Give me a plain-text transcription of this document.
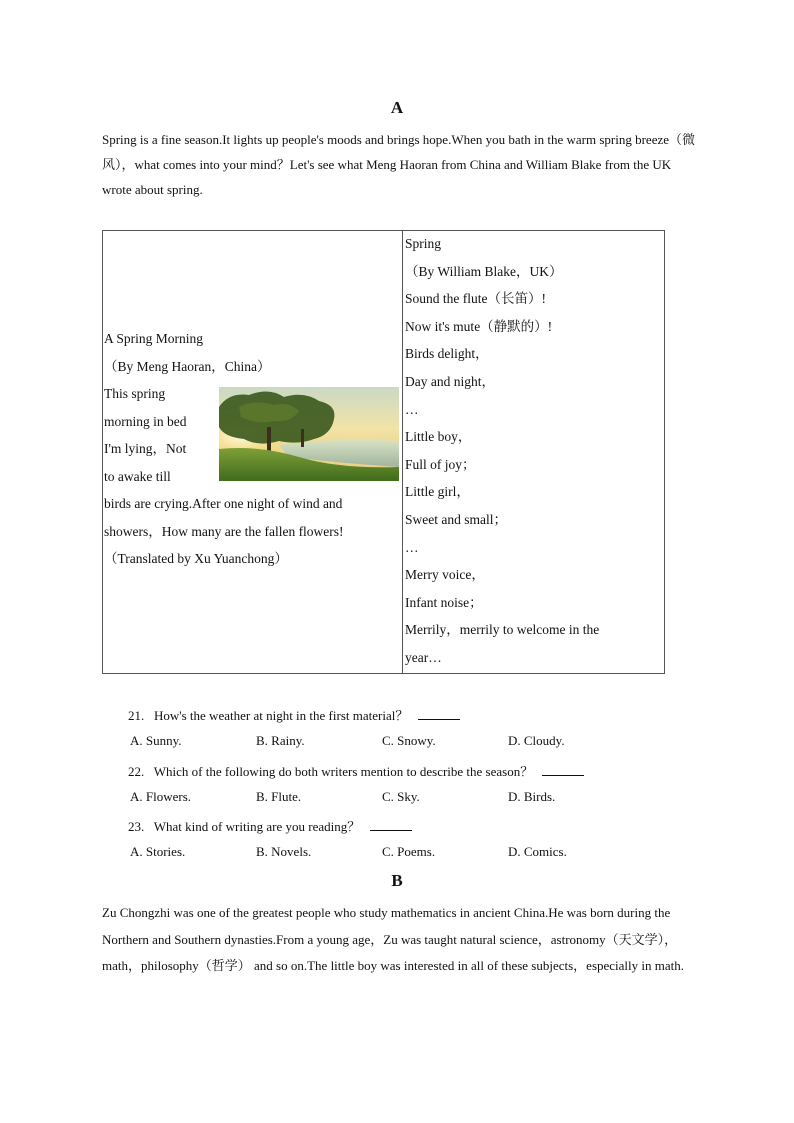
A
Spring is a fine season.It lights up people's moods and brings hope.When you bath in the warm spring breeze（微风），what comes into your mind？Let's see what Meng Haoran from China and William Blake from the UK wrote about spring.
A Spring Morning
（By Meng Haoran，China）
This spring
morning in bed
I'm lying，Not
to awake till
birds are crying.After one night of wind and
showers，How many are the fallen flowers!
（Translated by Xu Yuanchong）
Spring
（By William Blake，UK）
Sound the flute（长笛）!
Now it's mute（静默的）!
Birds delight，
Day and night，
…
Little boy，
Full of joy；
Little girl，
Sweet and small；
…
Merry voice，
Infant noise；
Merrily，merrily to welcome in the
year…
21. How's the weather at night in the first material？
A. Sunny.	B. Rainy.	C. Snowy.	D. Cloudy.
22. Which of the following do both writers mention to describe the season？
A. Flowers.	B. Flute.	C. Sky.	D. Birds.
23. What kind of writing are you reading？
A. Stories.	B. Novels.	C. Poems.	D. Comics.
B
Zu Chongzhi was one of the greatest people who study mathematics in ancient China.He was born during the Northern and Southern dynasties.From a young age，Zu was taught natural science，astronomy（天文学），math，philosophy（哲学） and so on.The little boy was interested in all of these subjects，especially in math.
